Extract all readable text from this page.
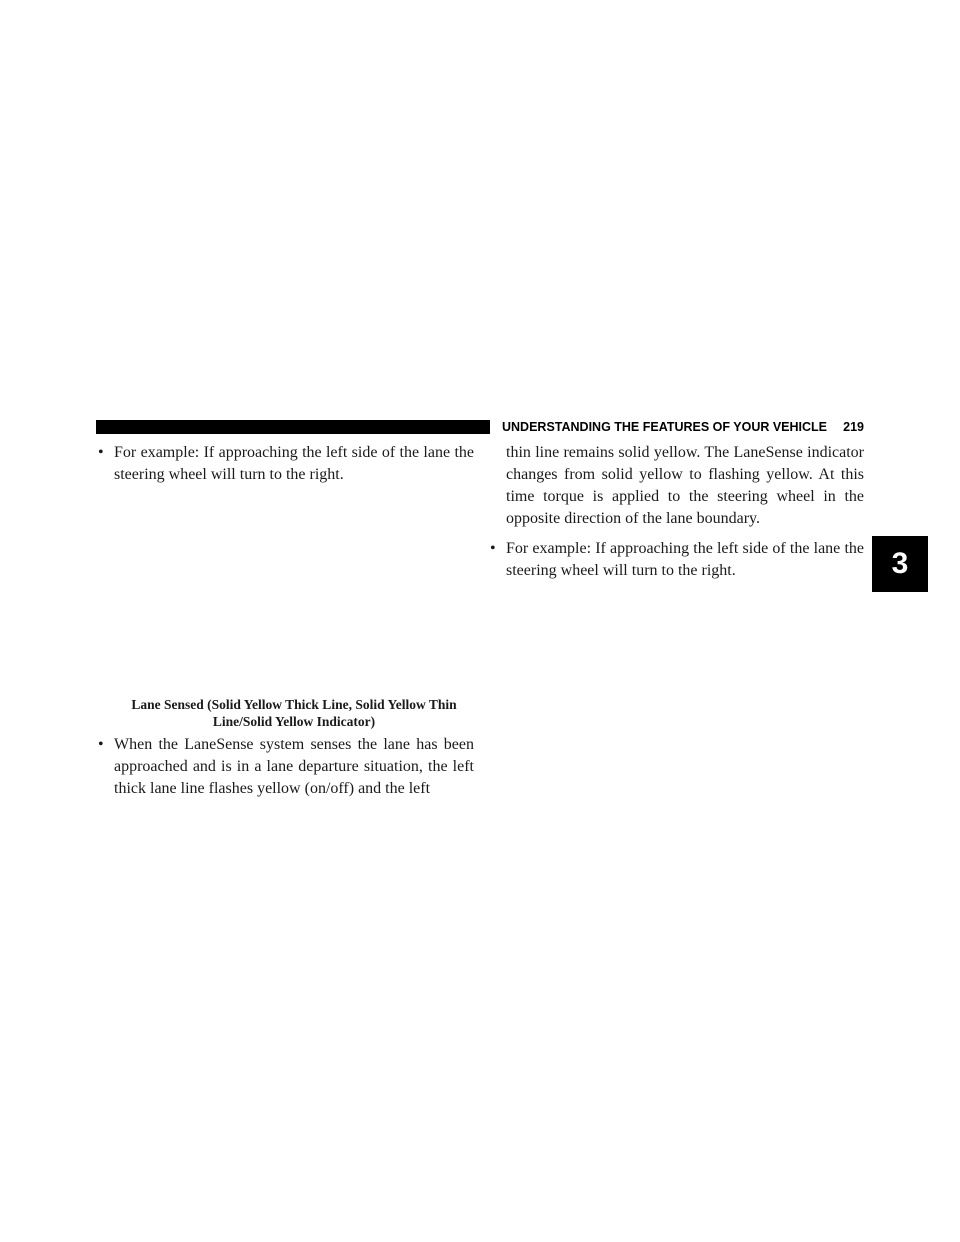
UNDERSTANDING THE FEATURES OF YOUR VEHICLE 219
3
• For example: If approaching the left side of the lane the steering wheel will turn to the right.
Lane Sensed (Solid Yellow Thick Line, Solid Yellow Thin Line/Solid Yellow Indicator)
• When the LaneSense system senses the lane has been approached and is in a lane departure situation, the left thick lane line flashes yellow (on/off) and the left
thin line remains solid yellow. The LaneSense indicator changes from solid yellow to flashing yellow. At this time torque is applied to the steering wheel in the opposite direction of the lane boundary.
• For example: If approaching the left side of the lane the steering wheel will turn to the right.
